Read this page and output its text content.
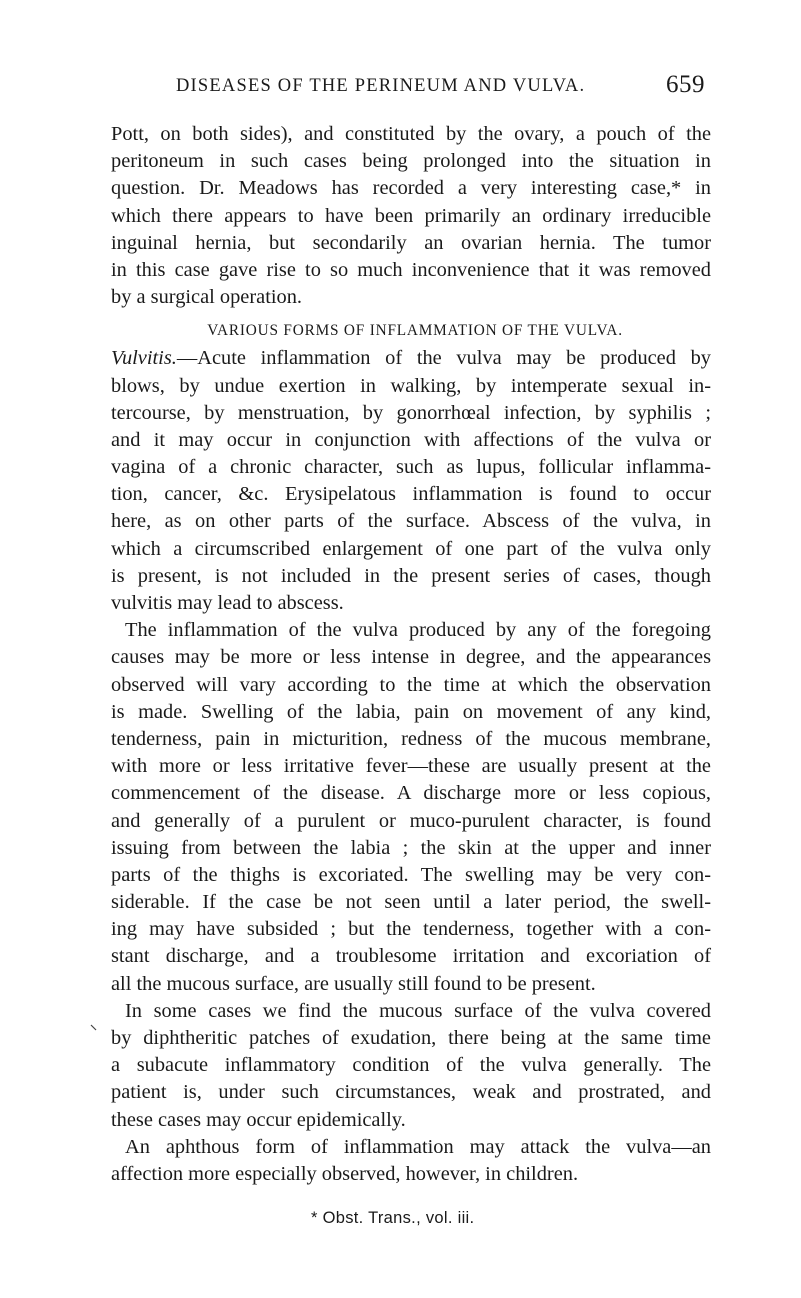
DISEASES OF THE PERINEUM AND VULVA.	659
Pott, on both sides), and constituted by the ovary, a pouch of the
peritoneum in such cases being prolonged into the situation in
question. Dr. Meadows has recorded a very interesting case,* in
which there appears to have been primarily an ordinary irreducible
inguinal hernia, but secondarily an ovarian hernia. The tumor
in this case gave rise to so much inconvenience that it was removed
by a surgical operation.
VARIOUS FORMS OF INFLAMMATION OF THE VULVA.
Vulvitis.—Acute inflammation of the vulva may be produced by
blows, by undue exertion in walking, by intemperate sexual in-
tercourse, by menstruation, by gonorrhœal infection, by syphilis ;
and it may occur in conjunction with affections of the vulva or
vagina of a chronic character, such as lupus, follicular inflamma-
tion, cancer, &c. Erysipelatous inflammation is found to occur
here, as on other parts of the surface. Abscess of the vulva, in
which a circumscribed enlargement of one part of the vulva only
is present, is not included in the present series of cases, though
vulvitis may lead to abscess.
The inflammation of the vulva produced by any of the foregoing
causes may be more or less intense in degree, and the appearances
observed will vary according to the time at which the observation
is made. Swelling of the labia, pain on movement of any kind,
tenderness, pain in micturition, redness of the mucous membrane,
with more or less irritative fever—these are usually present at the
commencement of the disease. A discharge more or less copious,
and generally of a purulent or muco-purulent character, is found
issuing from between the labia ; the skin at the upper and inner
parts of the thighs is excoriated. The swelling may be very con-
siderable. If the case be not seen until a later period, the swell-
ing may have subsided ; but the tenderness, together with a con-
stant discharge, and a troublesome irritation and excoriation of
all the mucous surface, are usually still found to be present.
In some cases we find the mucous surface of the vulva covered
by diphtheritic patches of exudation, there being at the same time
a subacute inflammatory condition of the vulva generally. The
patient is, under such circumstances, weak and prostrated, and
these cases may occur epidemically.
An aphthous form of inflammation may attack the vulva—an
affection more especially observed, however, in children.
* Obst. Trans., vol. iii.
